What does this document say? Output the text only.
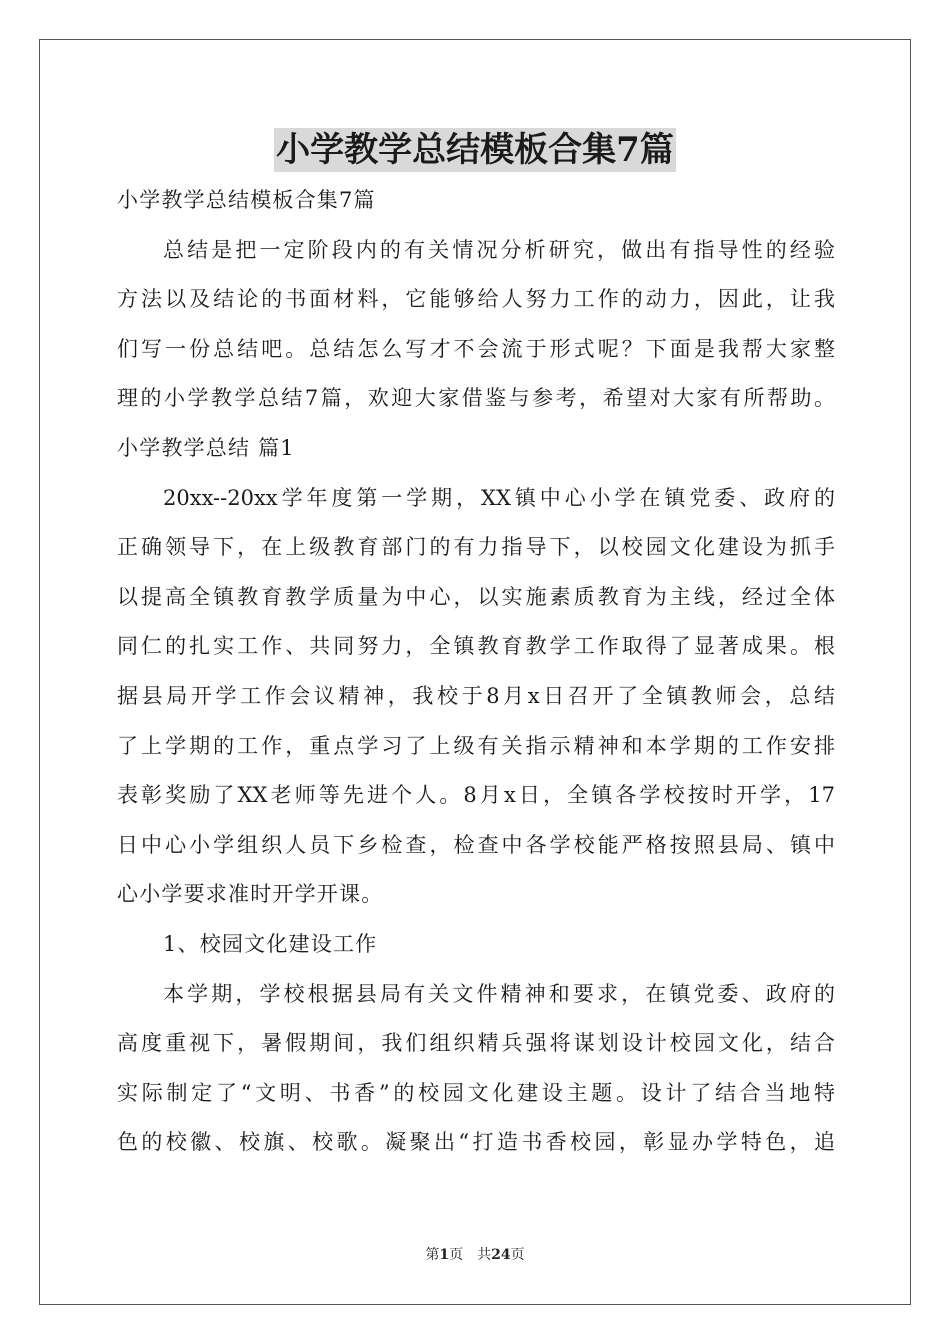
小学教学总结模板合集7篇
小学教学总结模板合集7篇
总结是把一定阶段内的有关情况分析研究，做出有指导性的经验
方法以及结论的书面材料，它能够给人努力工作的动力，因此，让我
们写一份总结吧。总结怎么写才不会流于形式呢？下面是我帮大家整
理的小学教学总结7篇，欢迎大家借鉴与参考，希望对大家有所帮助。
小学教学总结 篇1
20xx--20xx学年度第一学期，XX镇中心小学在镇党委、政府的
正确领导下，在上级教育部门的有力指导下，以校园文化建设为抓手
以提高全镇教育教学质量为中心，以实施素质教育为主线，经过全体
同仁的扎实工作、共同努力，全镇教育教学工作取得了显著成果。根
据县局开学工作会议精神，我校于8月x日召开了全镇教师会，总结
了上学期的工作，重点学习了上级有关指示精神和本学期的工作安排
表彰奖励了XX老师等先进个人。8月x日，全镇各学校按时开学，17
日中心小学组织人员下乡检查，检查中各学校能严格按照县局、镇中
心小学要求准时开学开课。
1、校园文化建设工作
本学期，学校根据县局有关文件精神和要求，在镇党委、政府的
高度重视下，暑假期间，我们组织精兵强将谋划设计校园文化，结合
实际制定了“文明、书香”的校园文化建设主题。设计了结合当地特
色的校徽、校旗、校歌。凝聚出“打造书香校园，彰显办学特色，追
第1页　共24页
